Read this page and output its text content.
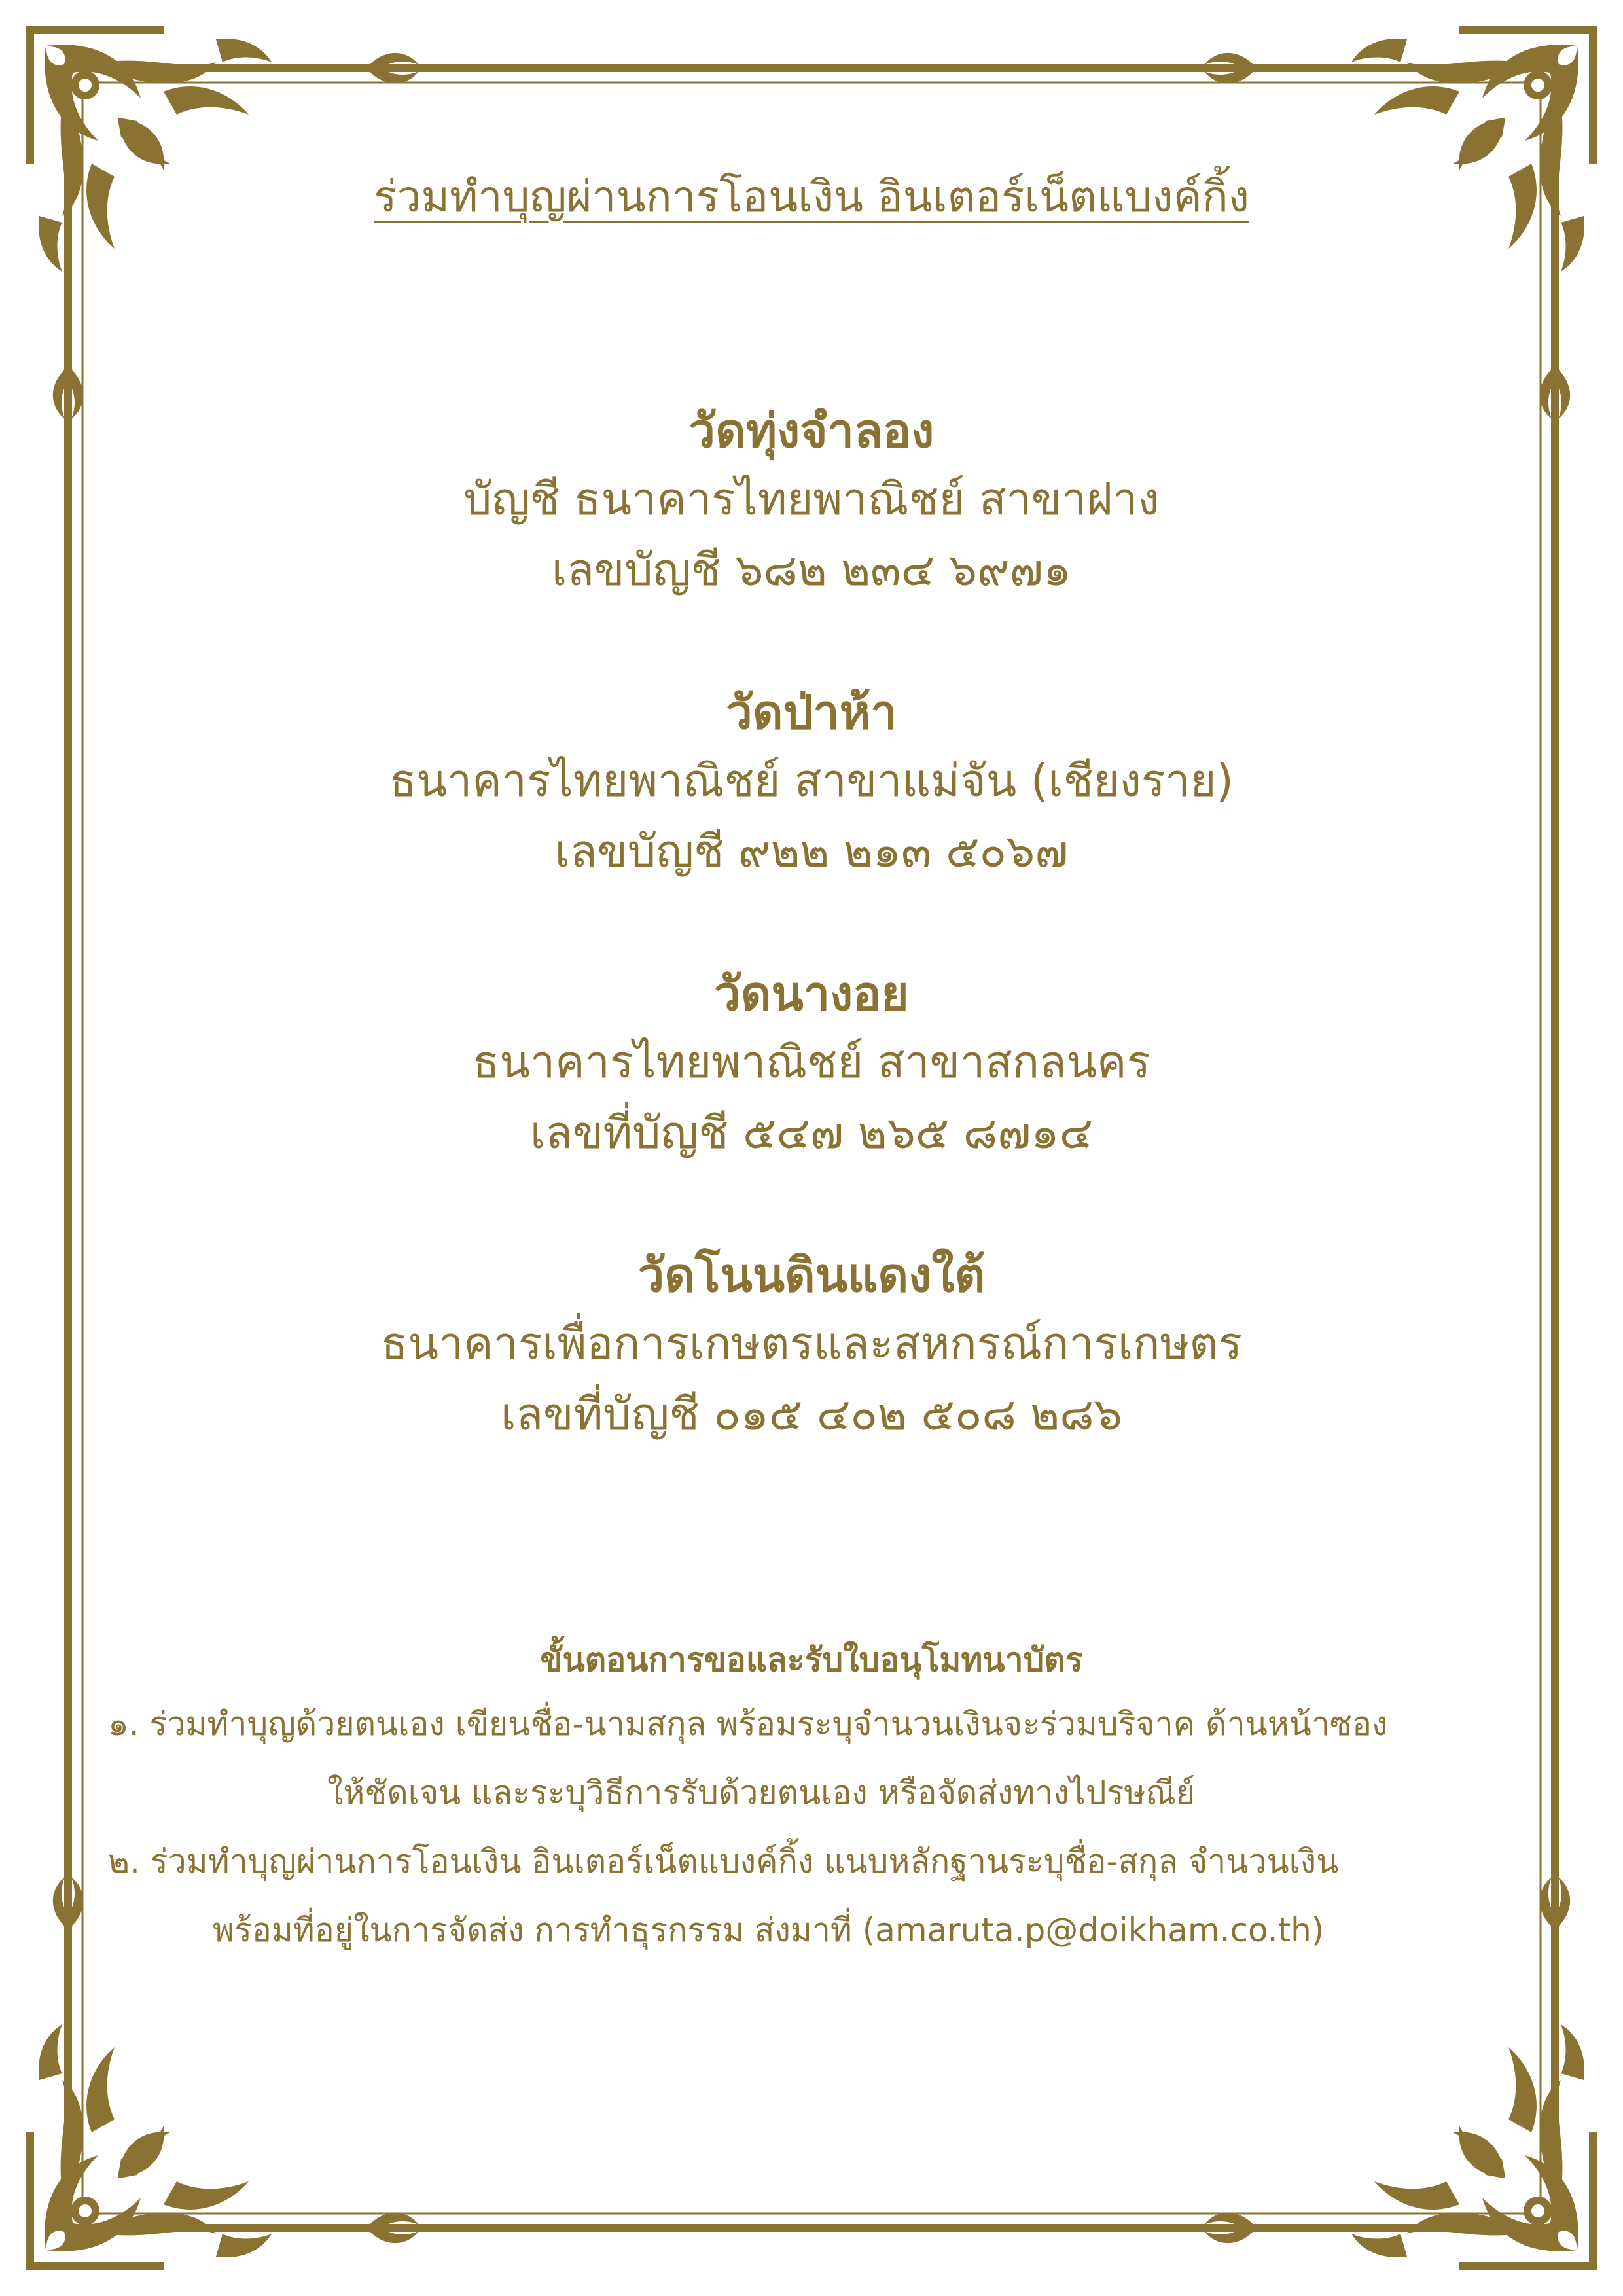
ร่วมทำบุญผ่านการโอนเงิน อินเตอร์เน็ตแบงค์กิ้ง
วัดทุ่งจำลอง
บัญชี ธนาคารไทยพาณิชย์ สาขาฝาง
เลขบัญชี ๖๘๒ ๒๓๔ ๖๙๗๑
วัดป่าห้า
ธนาคารไทยพาณิชย์ สาขาแม่จัน (เชียงราย)
เลขบัญชี ๙๒๒ ๒๑๓ ๕๐๖๗
วัดนางอย
ธนาคารไทยพาณิชย์ สาขาสกลนคร
เลขที่บัญชี ๕๔๗ ๒๖๕ ๘๗๑๔
วัดโนนดินแดงใต้
ธนาคารเพื่อการเกษตรและสหกรณ์การเกษตร
เลขที่บัญชี ๐๑๕ ๔๐๒ ๕๐๘ ๒๘๖
ขั้นตอนการขอและรับใบอนุโมทนาบัตร
๑. ร่วมทำบุญด้วยตนเอง เขียนชื่อ-นามสกุล พร้อมระบุจำนวนเงินจะร่วมบริจาค ด้านหน้าซอง
ให้ชัดเจน และระบุวิธีการรับด้วยตนเอง หรือจัดส่งทางไปรษณีย์
๒. ร่วมทำบุญผ่านการโอนเงิน อินเตอร์เน็ตแบงค์กิ้ง แนบหลักฐานระบุชื่อ-สกุล จำนวนเงิน
พร้อมที่อยู่ในการจัดส่ง การทำธุรกรรม ส่งมาที่ (amaruta.p@doikham.co.th)
